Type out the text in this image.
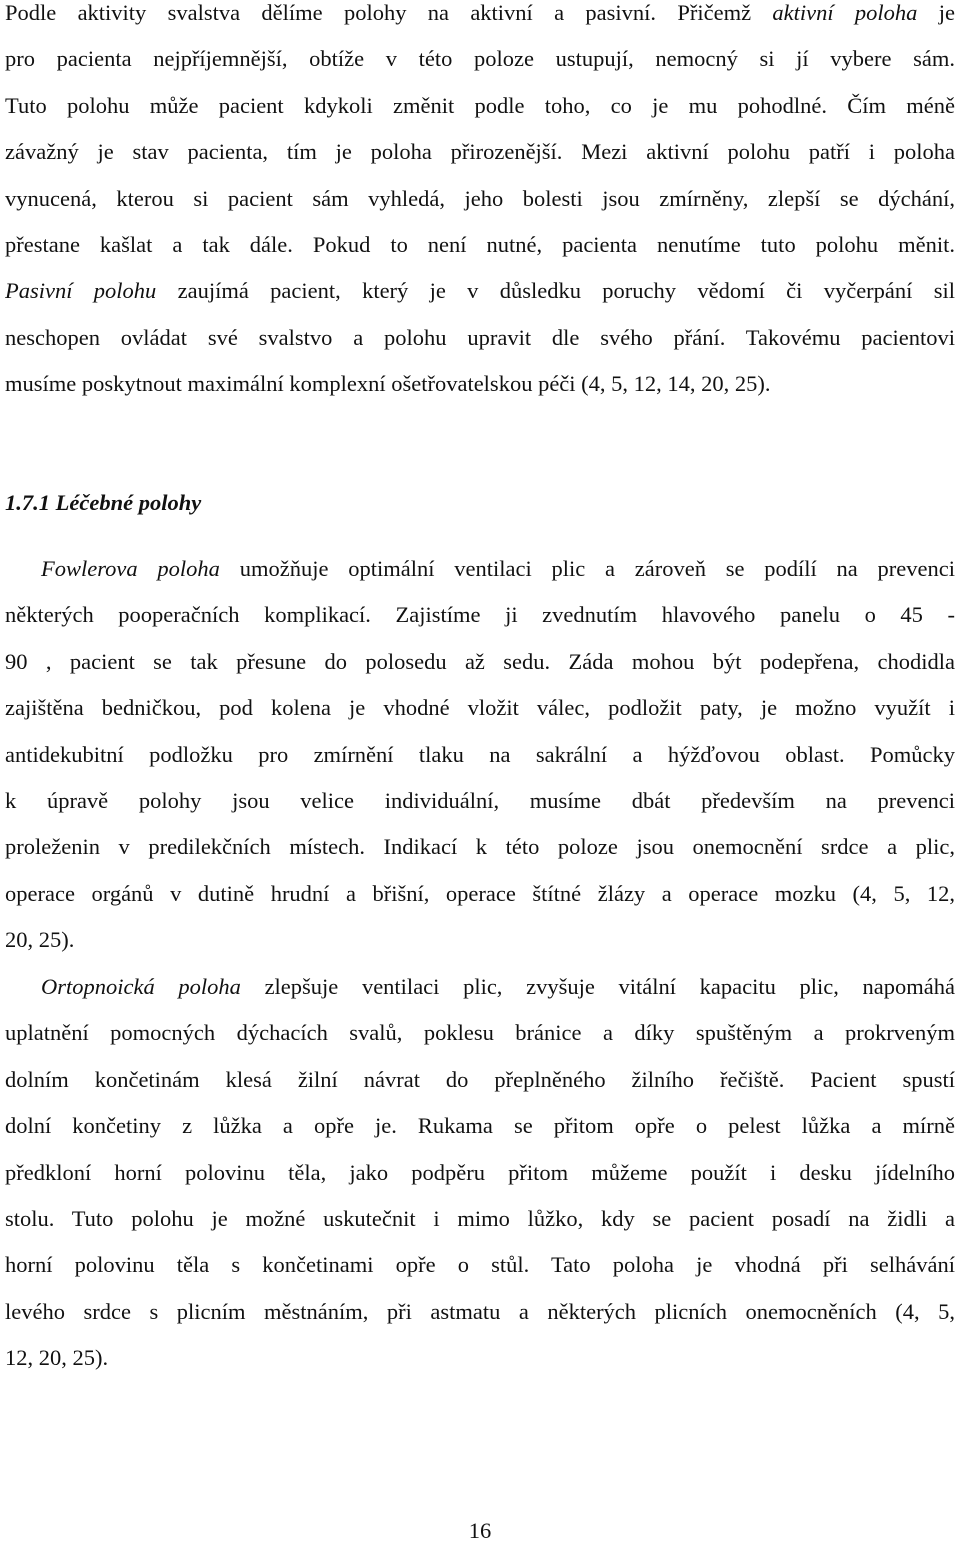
Podle aktivity svalstva dělíme polohy na aktivní a pasivní. Přičemž aktivní poloha je
pro pacienta nejpříjemnější, obtíže v této poloze ustupují, nemocný si jí vybere sám.
Tuto polohu může pacient kdykoli změnit podle toho, co je mu pohodlné. Čím méně
závažný je stav pacienta, tím je poloha přirozenější. Mezi aktivní polohu patří i poloha
vynucená, kterou si pacient sám vyhledá, jeho bolesti jsou zmírněny, zlepší se dýchání,
přestane kašlat a tak dále. Pokud to není nutné, pacienta nenutíme tuto polohu měnit.
Pasivní polohu zaujímá pacient, který je v důsledku poruchy vědomí či vyčerpání sil
neschopen ovládat své svalstvo a polohu upravit dle svého přání. Takovému pacientovi
musíme poskytnout maximální komplexní ošetřovatelskou péči (4, 5, 12, 14, 20, 25).
1.7.1 Léčebné polohy
Fowlerova poloha umožňuje optimální ventilaci plic a zároveň se podílí na prevenci
některých pooperačních komplikací. Zajistíme ji zvednutím hlavového panelu o 45 -
90 , pacient se tak přesune do polosedu až sedu. Záda mohou být podepřena, chodidla
zajištěna bedničkou, pod kolena je vhodné vložit válec, podložit paty, je možno využít i
antidekubitní podložku pro zmírnění tlaku na sakrální a hýžďovou oblast. Pomůcky
k úpravě polohy jsou velice individuální, musíme dbát především na prevenci
proleženin v predilekčních místech. Indikací k této poloze jsou onemocnění srdce a plic,
operace orgánů v dutině hrudní a břišní, operace štítné žlázy a operace mozku (4, 5, 12,
20, 25).
Ortopnoická poloha zlepšuje ventilaci plic, zvyšuje vitální kapacitu plic, napomáhá
uplatnění pomocných dýchacích svalů, poklesu bránice a díky spuštěným a prokrveným
dolním končetinám klesá žilní návrat do přeplněného žilního řečiště. Pacient spustí
dolní končetiny z lůžka a opře je. Rukama se přitom opře o pelest lůžka a mírně
předkloní horní polovinu těla, jako podpěru přitom můžeme použít i desku jídelního
stolu. Tuto polohu je možné uskutečnit i mimo lůžko, kdy se pacient posadí na židli a
horní polovinu těla s končetinami opře o stůl. Tato poloha je vhodná při selhávání
levého srdce s plicním městnáním, při astmatu a některých plicních onemocněních (4, 5,
12, 20, 25).
16
